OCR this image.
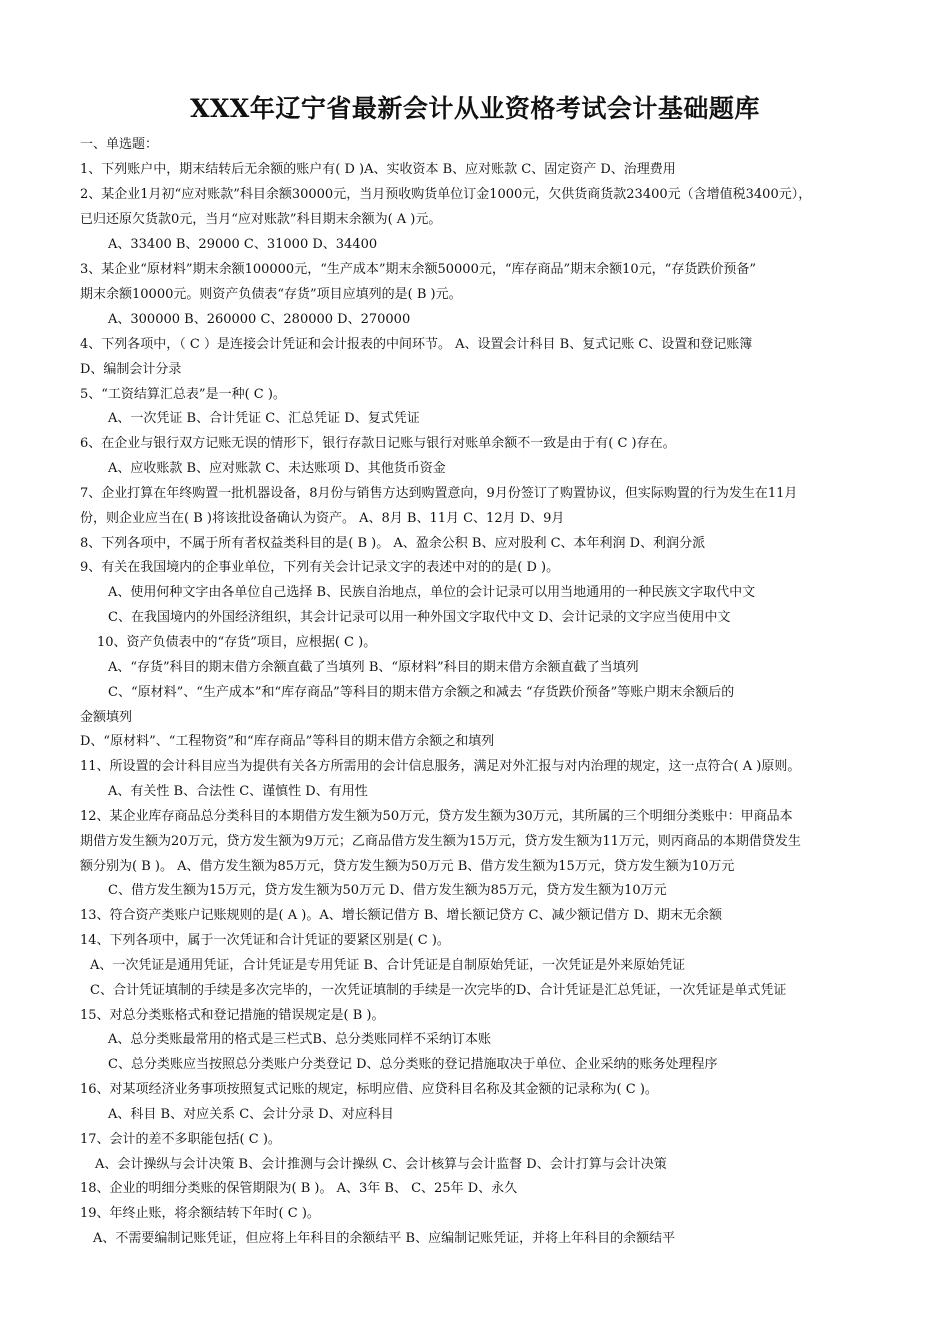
XXX年辽宁省最新会计从业资格考试会计基础题库
一、单选题：
1、下列账户中，期末结转后无余额的账户有( D )A、实收资本 B、应对账款 C、固定资产 D、治理费用
2、某企业1月初“应对账款”科目余额30000元，当月预收购货单位订金1000元，欠供货商货款23400元（含增值税3400元），
已归还原欠货款0元，当月“应对账款”科目期末余额为( A )元。
A、33400 B、29000 C、31000 D、34400
3、某企业“原材料”期末余额100000元，“生产成本”期末余额50000元，“库存商品”期末余额10元，“存货跌价预备”
期末余额10000元。则资产负债表“存货”项目应填列的是( B )元。
A、300000 B、260000 C、280000 D、270000
4、下列各项中，（ C ）是连接会计凭证和会计报表的中间环节。 A、设置会计科目 B、复式记账 C、设置和登记账簿
D、编制会计分录
5、“工资结算汇总表”是一种( C )。
A、一次凭证 B、合计凭证 C、汇总凭证 D、复式凭证
6、在企业与银行双方记账无误的情形下，银行存款日记账与银行对账单余额不一致是由于有( C )存在。
A、应收账款 B、应对账款 C、未达账项 D、其他货币资金
7、企业打算在年终购置一批机器设备，8月份与销售方达到购置意向，9月份签订了购置协议，但实际购置的行为发生在11月
份，则企业应当在( B )将该批设备确认为资产。 A、8月 B、11月 C、12月 D、9月
8、下列各项中，不属于所有者权益类科目的是( B )。 A、盈余公积 B、应对股利 C、本年利润 D、利润分派
9、有关在我国境内的企事业单位，下列有关会计记录文字的表述中对的的是( D )。
A、使用何种文字由各单位自己选择 B、民族自治地点，单位的会计记录可以用当地通用的一种民族文字取代中文
C、在我国境内的外国经济组织，其会计记录可以用一种外国文字取代中文 D、会计记录的文字应当使用中文
10、资产负债表中的“存货”项目，应根据( C )。
A、“存货”科目的期末借方余额直截了当填列 B、“原材料”科目的期末借方余额直截了当填列
C、“原材料”、“生产成本”和“库存商品”等科目的期末借方余额之和减去 “存货跌价预备”等账户期末余额后的
金额填列
D、“原材料”、“工程物资”和“库存商品”等科目的期末借方余额之和填列
11、所设置的会计科目应当为提供有关各方所需用的会计信息服务，满足对外汇报与对内治理的规定，这一点符合( A )原则。
A、有关性 B、合法性 C、谨慎性 D、有用性
12、某企业库存商品总分类科目的本期借方发生额为50万元，贷方发生额为30万元，其所属的三个明细分类账中：甲商品本
期借方发生额为20万元，贷方发生额为9万元；乙商品借方发生额为15万元，贷方发生额为11万元，则丙商品的本期借贷发生
额分别为( B )。 A、借方发生额为85万元，贷方发生额为50万元 B、借方发生额为15万元，贷方发生额为10万元
C、借方发生额为15万元，贷方发生额为50万元 D、借方发生额为85万元，贷方发生额为10万元
13、符合资产类账户记账规则的是( A )。A、增长额记借方 B、增长额记贷方 C、减少额记借方 D、期末无余额
14、下列各项中，属于一次凭证和合计凭证的要紧区别是( C )。
A、一次凭证是通用凭证，合计凭证是专用凭证 B、合计凭证是自制原始凭证，一次凭证是外来原始凭证
C、合计凭证填制的手续是多次完毕的，一次凭证填制的手续是一次完毕的D、合计凭证是汇总凭证，一次凭证是单式凭证
15、对总分类账格式和登记措施的错误规定是( B )。
A、总分类账最常用的格式是三栏式B、总分类账同样不采纳订本账
C、总分类账应当按照总分类账户分类登记 D、总分类账的登记措施取决于单位、企业采纳的账务处理程序
16、对某项经济业务事项按照复式记账的规定，标明应借、应贷科目名称及其金额的记录称为( C )。
A、科目 B、对应关系 C、会计分录 D、对应科目
17、会计的差不多职能包括( C )。
A、会计操纵与会计决策 B、会计推测与会计操纵 C、会计核算与会计监督 D、会计打算与会计决策
18、企业的明细分类账的保管期限为( B )。 A、3年 B、 C、25年 D、永久
19、年终止账，将余额结转下年时( C )。
A、不需要编制记账凭证，但应将上年科目的余额结平 B、应编制记账凭证，并将上年科目的余额结平
